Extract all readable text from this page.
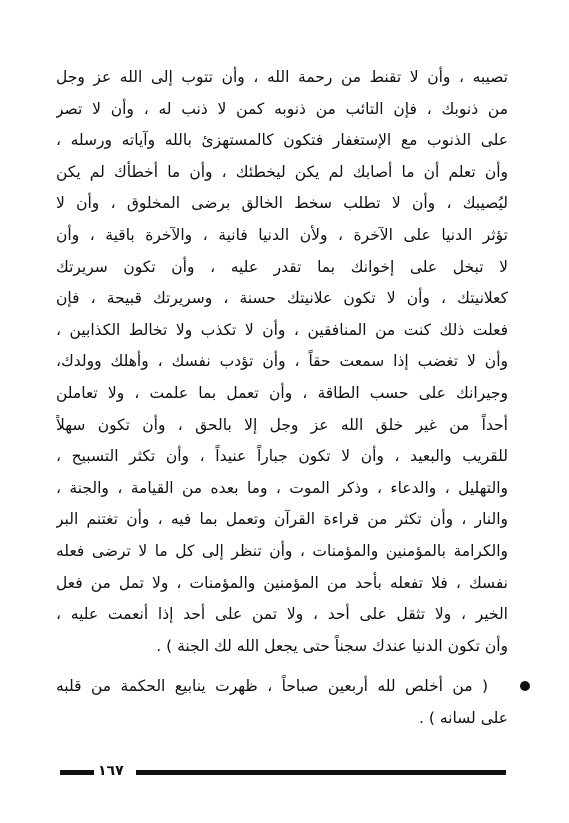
تصيبه ، وأن لا تقنط من رحمة الله ، وأن تتوب إلى الله عز وجل
من ذنوبك ، فإن التائب من ذنوبه كمن لا ذنب له ، وأن لا تصر
على الذنوب مع الإستغفار فتكون كالمستهزئ بالله وآياته ورسله ،
وأن تعلم أن ما أصابك لم يكن ليخطئك ، وأن ما أخطأك لم يكن
ليُصيبك ، وأن لا تطلب سخط الخالق برضى المخلوق ، وأن لا
تؤثر الدنيا على الآخرة ، ولأن الدنيا فانية ، والآخرة باقية ، وأن
لا تبخل على إخوانك بما تقدر عليه ، وأن تكون سريرتك
كعلانيتك ، وأن لا تكون علانيتك حسنة ، وسريرتك قبيحة ، فإن
فعلت ذلك كنت من المنافقين ، وأن لا تكذب ولا تخالط الكذابين ،
وأن لا تغضب إذا سمعت حقاً ، وأن تؤدب نفسك ، وأهلك وولدك،
وجيرانك على حسب الطاقة ، وأن تعمل بما علمت ، ولا تعاملن
أحداً من غير خلق الله عز وجل إلا بالحق ، وأن تكون سهلاً
للقريب والبعيد ، وأن لا تكون جباراً عنيداً ، وأن تكثر التسبيح ،
والتهليل ، والدعاء ، وذكر الموت ، وما بعده من القيامة ، والجنة ،
والنار ، وأن تكثر من قراءة القرآن وتعمل بما فيه ، وأن تغتنم البر
والكرامة بالمؤمنين والمؤمنات ، وأن تنظر إلى كل ما لا ترضى فعله
نفسك ، فلا تفعله بأحد من المؤمنين والمؤمنات ، ولا تمل من فعل
الخير ، ولا تثقل على أحد ، ولا تمن على أحد إذا أنعمت عليه ،
وأن تكون الدنيا عندك سجناً حتى يجعل الله لك الجنة ) .
( من أخلص لله أربعين صباحاً ، ظهرت ينابيع الحكمة من قلبه
على لسانه ) .
١٦٧
